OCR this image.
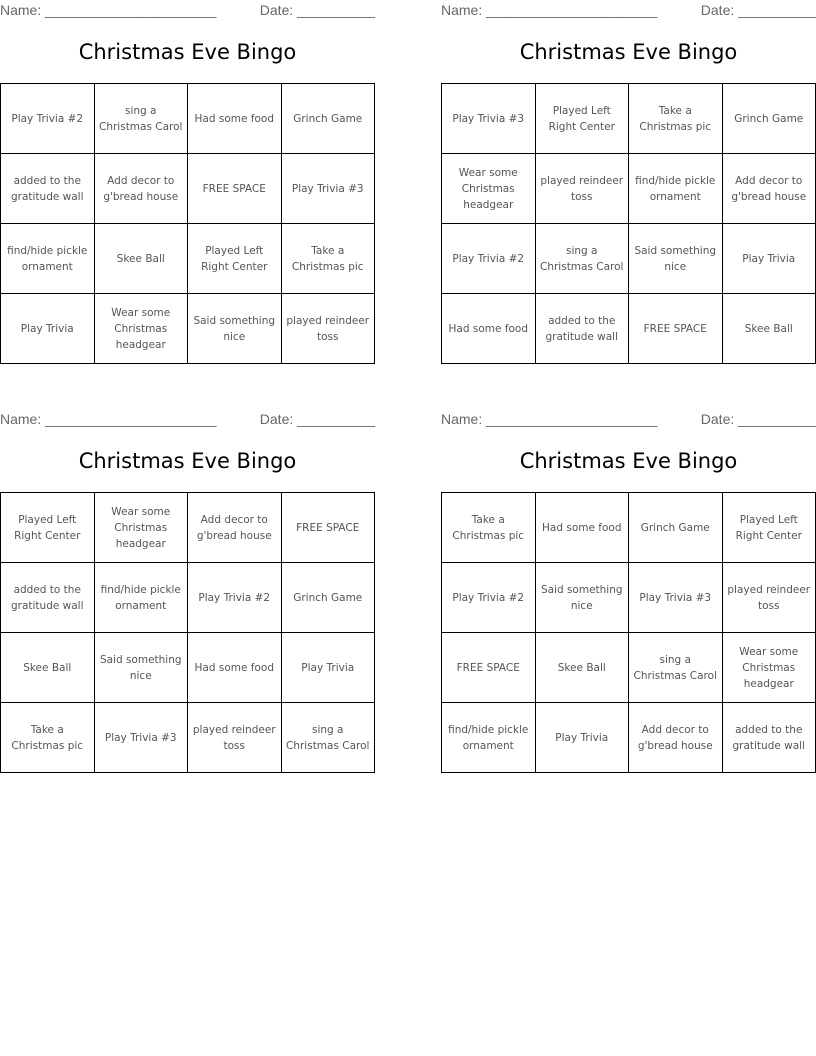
Name: ______________________	Date: __________
Christmas Eve Bingo
Play Trivia #2	sing a Christmas Carol	Had some food	Grinch Game
added to the gratitude wall	Add decor to g'bread house	FREE SPACE	Play Trivia #3
find/hide pickle ornament	Skee Ball	Played Left Right Center	Take a Christmas pic
Play Trivia	Wear some Christmas headgear	Said something nice	played reindeer toss
Name: ______________________	Date: __________
Christmas Eve Bingo
Play Trivia #3	Played Left Right Center	Take a Christmas pic	Grinch Game
Wear some Christmas headgear	played reindeer toss	find/hide pickle ornament	Add decor to g'bread house
Play Trivia #2	sing a Christmas Carol	Said something nice	Play Trivia
Had some food	added to the gratitude wall	FREE SPACE	Skee Ball
Name: ______________________	Date: __________
Christmas Eve Bingo
Played Left Right Center	Wear some Christmas headgear	Add decor to g'bread house	FREE SPACE
added to the gratitude wall	find/hide pickle ornament	Play Trivia #2	Grinch Game
Skee Ball	Said something nice	Had some food	Play Trivia
Take a Christmas pic	Play Trivia #3	played reindeer toss	sing a Christmas Carol
Name: ______________________	Date: __________
Christmas Eve Bingo
Take a Christmas pic	Had some food	Grinch Game	Played Left Right Center
Play Trivia #2	Said something nice	Play Trivia #3	played reindeer toss
FREE SPACE	Skee Ball	sing a Christmas Carol	Wear some Christmas headgear
find/hide pickle ornament	Play Trivia	Add decor to g'bread house	added to the gratitude wall
